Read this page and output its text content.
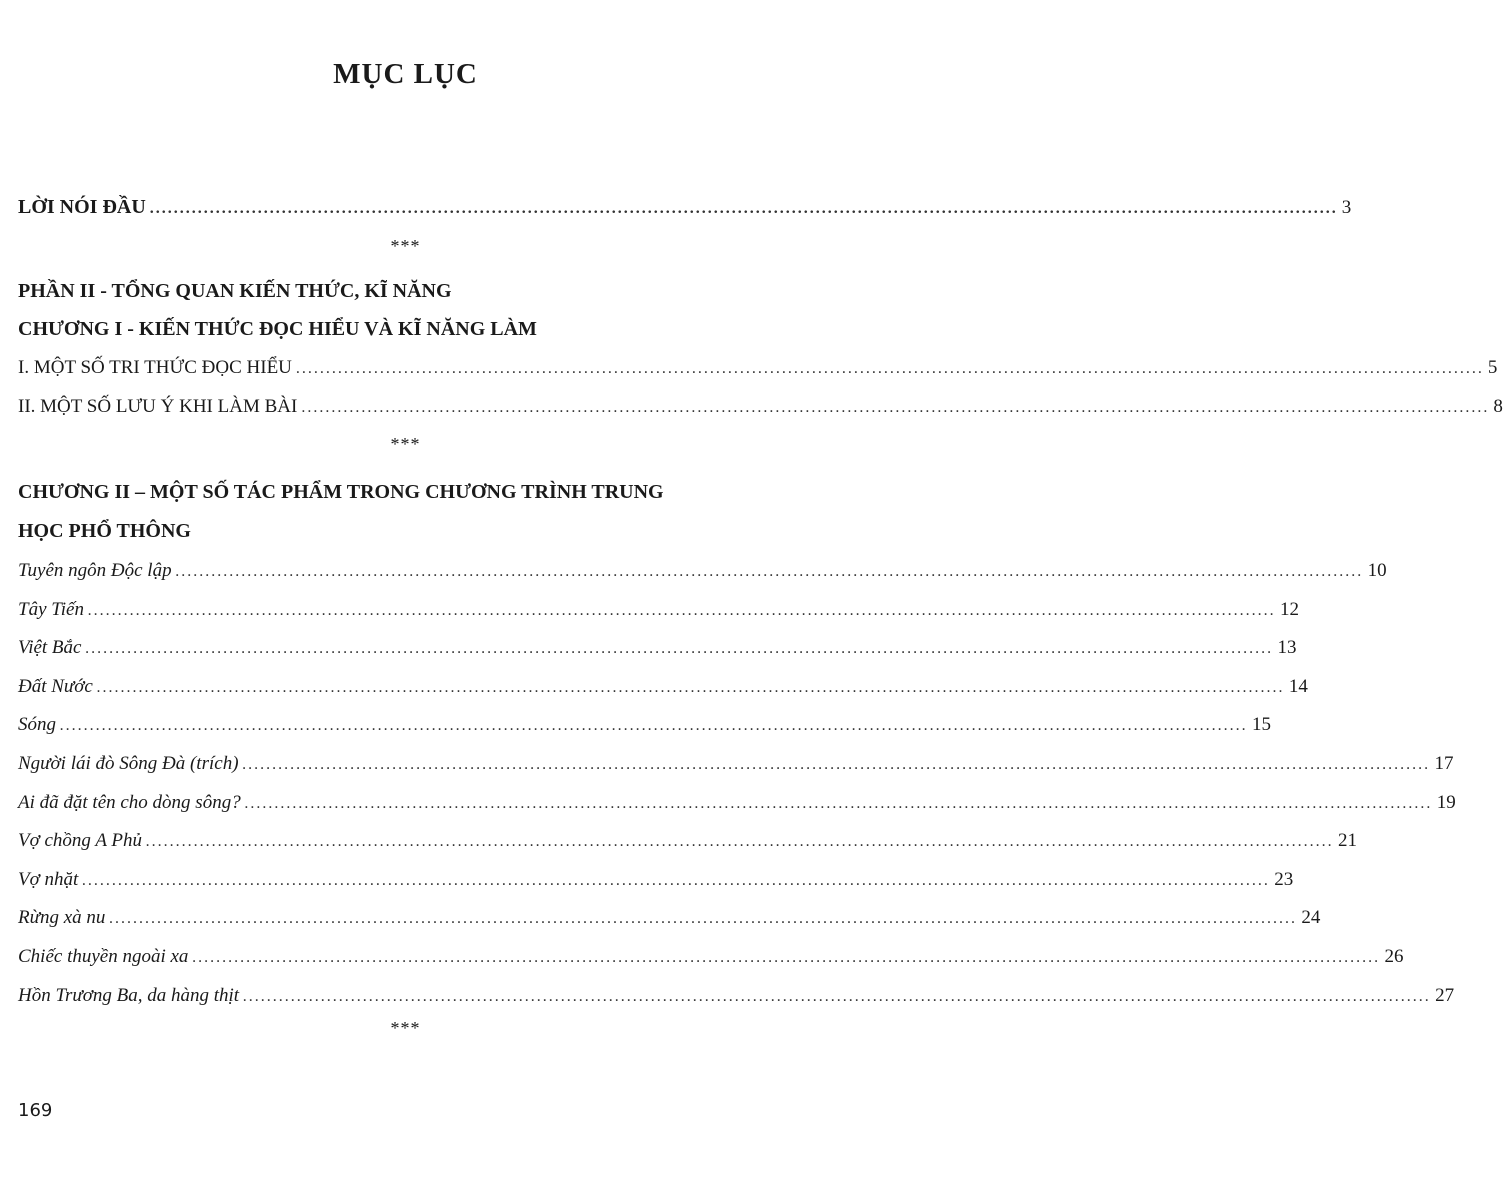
MỤC LỤC
LỜI NÓI ĐẦU ...................................................................................................................................................................................................... 3
***
PHẦN II - TỔNG QUAN KIẾN THỨC, KĨ NĂNG
CHƯƠNG I - KIẾN THỨC ĐỌC HIỂU VÀ KĨ NĂNG LÀM
I. MỘT SỐ TRI THỨC ĐỌC HIỂU ...................................................................................................................................................................................................... 5
II. MỘT SỐ LƯU Ý KHI LÀM BÀI ...................................................................................................................................................................................................... 8
***
CHƯƠNG II – MỘT SỐ TÁC PHẨM TRONG CHƯƠNG TRÌNH TRUNG
HỌC PHỔ THÔNG
Tuyên ngôn Độc lập ...................................................................................................................................................................................................... 10
Tây Tiến ...................................................................................................................................................................................................... 12
Việt Bắc ...................................................................................................................................................................................................... 13
Đất Nước ...................................................................................................................................................................................................... 14
Sóng ...................................................................................................................................................................................................... 15
Người lái đò Sông Đà (trích) ...................................................................................................................................................................................................... 17
Ai đã đặt tên cho dòng sông? ...................................................................................................................................................................................................... 19
Vợ chồng A Phủ ...................................................................................................................................................................................................... 21
Vợ nhặt ...................................................................................................................................................................................................... 23
Rừng xà nu ...................................................................................................................................................................................................... 24
Chiếc thuyền ngoài xa ...................................................................................................................................................................................................... 26
Hồn Trương Ba, da hàng thịt ...................................................................................................................................................................................................... 27
***
169
